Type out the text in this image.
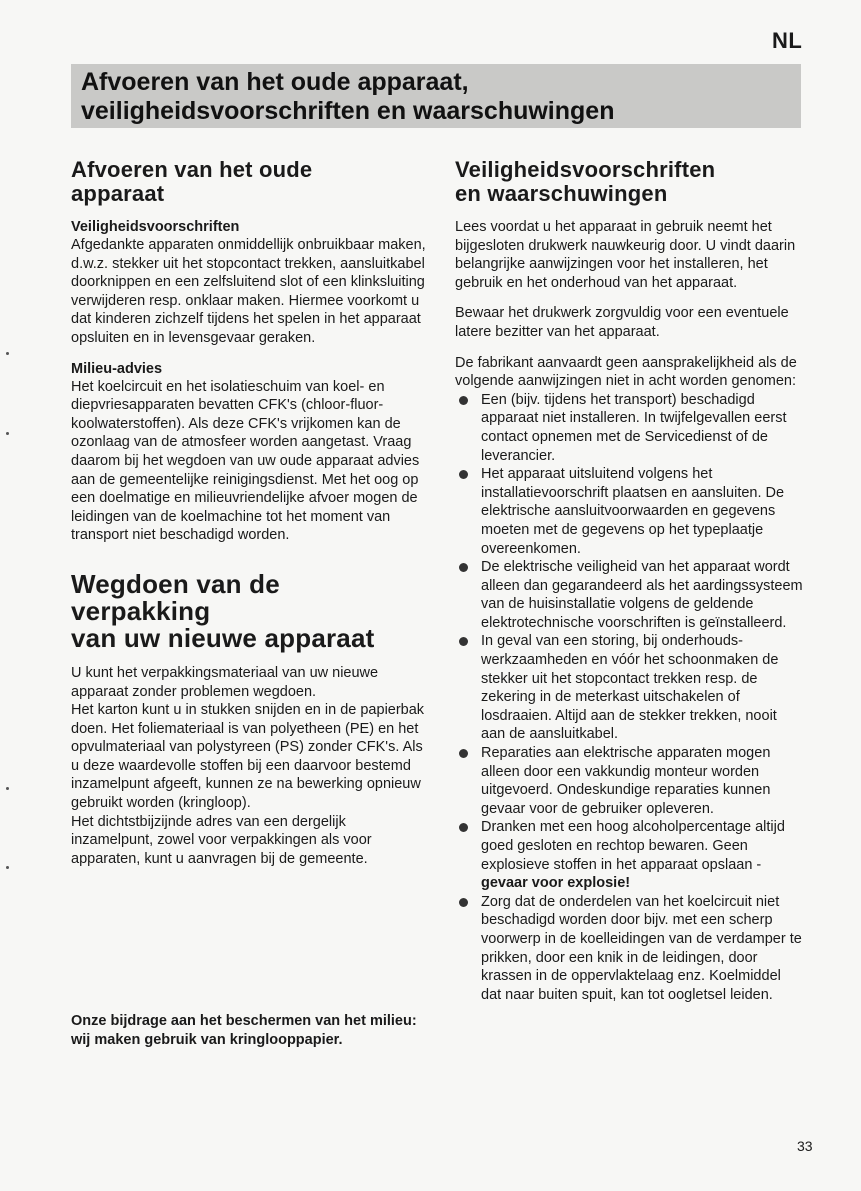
NL
Afvoeren van het oude apparaat,
veiligheidsvoorschriften en waarschuwingen
Afvoeren van het oude
apparaat
Veiligheidsvoorschriften

Afgedankte apparaten onmiddellijk onbruikbaar maken, d.w.z. stekker uit het stopcontact trekken, aansluitkabel doorknippen en een zelfsluitend slot of een klinksluiting verwijderen resp. onklaar maken. Hiermee voorkomt u dat kinderen zichzelf tijdens het spelen in het apparaat opsluiten en in levensgevaar geraken.

Milieu-advies

Het koelcircuit en het isolatieschuim van koel- en diepvriesapparaten bevatten CFK's (chloor-fluor-koolwaterstoffen). Als deze CFK's vrijkomen kan de ozonlaag van de atmosfeer worden aangetast. Vraag daarom bij het wegdoen van uw oude apparaat advies aan de gemeentelijke reinigingsdienst. Met het oog op een doelmatige en milieuvriendelijke afvoer mogen de leidingen van de koelmachine tot het moment van transport niet beschadigd worden.

Wegdoen van de verpakking
van uw nieuwe apparaat

U kunt het verpakkingsmateriaal van uw nieuwe apparaat zonder problemen wegdoen.

Het karton kunt u in stukken snijden en in de papierbak doen. Het foliemateriaal is van polyetheen (PE) en het opvulmateriaal van polystyreen (PS) zonder CFK's. Als u deze waardevolle stoffen bij een daarvoor bestemd inzamelpunt afgeeft, kunnen ze na bewerking opnieuw gebruikt worden (kringloop).

Het dichtstbijzijnde adres van een dergelijk inzamelpunt, zowel voor verpakkingen als voor apparaten, kunt u aanvragen bij de gemeente.

Onze bijdrage aan het beschermen van het milieu:

wij maken gebruik van kringlooppapier.

Veiligheidsvoorschriften
en waarschuwingen

Lees voordat u het apparaat in gebruik neemt het bijgesloten drukwerk nauwkeurig door. U vindt daarin belangrijke aanwijzingen voor het installeren, het gebruik en het onderhoud van het apparaat.

Bewaar het drukwerk zorgvuldig voor een eventuele latere bezitter van het apparaat.

De fabrikant aanvaardt geen aansprakelijkheid als de volgende aanwijzingen niet in acht worden genomen:

Een (bijv. tijdens het transport) beschadigd apparaat niet installeren. In twijfelgevallen eerst contact opnemen met de Servicedienst of de leverancier.
Het apparaat uitsluitend volgens het installatievoorschrift plaatsen en aansluiten. De elektrische aansluitvoorwaarden en gegevens moeten met de gegevens op het typeplaatje overeenkomen.
De elektrische veiligheid van het apparaat wordt alleen dan gegarandeerd als het aardingssysteem van de huisinstallatie volgens de geldende elektrotechnische voorschriften is geïnstalleerd.
In geval van een storing, bij onderhouds-werkzaamheden en vóór het schoonmaken de stekker uit het stopcontact trekken resp. de zekering in de meterkast uitschakelen of losdraaien. Altijd aan de stekker trekken, nooit aan de aansluitkabel.
Reparaties aan elektrische apparaten mogen alleen door een vakkundig monteur worden uitgevoerd. Ondeskundige reparaties kunnen gevaar voor de gebruiker opleveren.
Dranken met een hoog alcoholpercentage altijd goed gesloten en rechtop bewaren. Geen explosieve stoffen in het apparaat opslaan - gevaar voor explosie!
Zorg dat de onderdelen van het koelcircuit niet beschadigd worden door bijv. met een scherp voorwerp in de koelleidingen van de verdamper te prikken, door een knik in de leidingen, door krassen in de oppervlaktelaag enz. Koelmiddel dat naar buiten spuit, kan tot oogletsel leiden.
33
